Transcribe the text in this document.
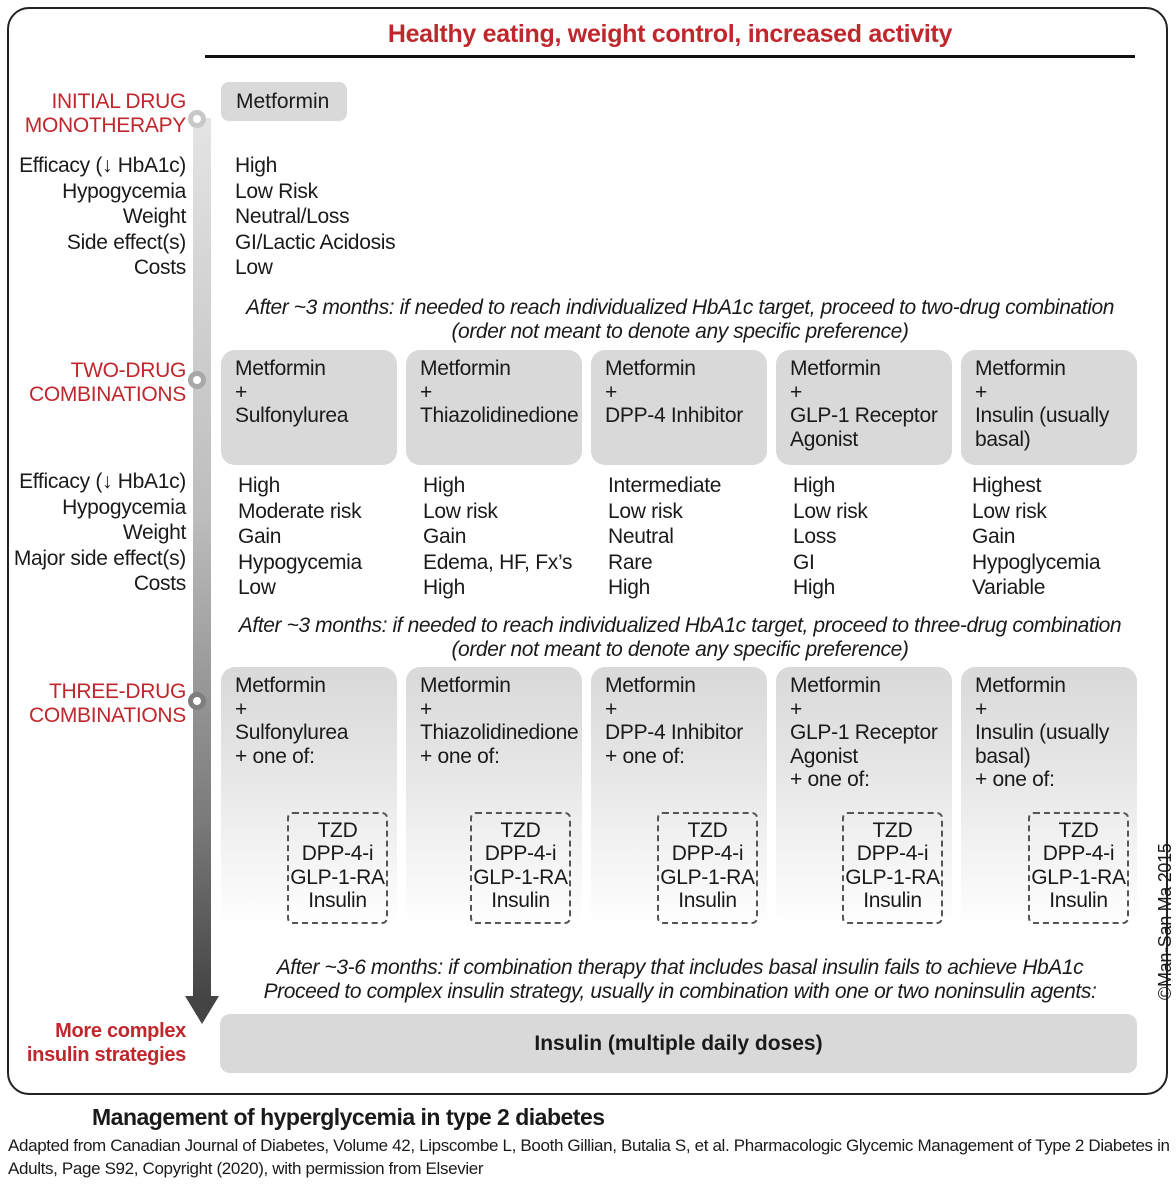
Healthy eating, weight control, increased activity
INITIAL DRUG
MONOTHERAPY
TWO-DRUG
COMBINATIONS
THREE-DRUG
COMBINATIONS
More complex
insulin strategies
Metformin
Efficacy (↓ HbA1c)
Hypogycemia
Weight
Side effect(s)
Costs
High
Low Risk
Neutral/Loss
GI/Lactic Acidosis
Low
After ~3 months: if needed to reach individualized HbA1c target, proceed to two-drug combination
(order not meant to denote any specific preference)
Metformin
+
Sulfonylurea
Metformin
+
Thiazolidinedione
Metformin
+
DPP-4 Inhibitor
Metformin
+
GLP-1 Receptor
Agonist
Metformin
+
Insulin (usually
basal)
Efficacy (↓ HbA1c)
Hypogycemia
Weight
Major side effect(s)
Costs
High
Moderate risk
Gain
Hypogycemia
Low
High
Low risk
Gain
Edema, HF, Fx’s
High
Intermediate
Low risk
Neutral
Rare
High
High
Low risk
Loss
GI
High
Highest
Low risk
Gain
Hypoglycemia
Variable
After ~3 months: if needed to reach individualized HbA1c target, proceed to three-drug combination
(order not meant to denote any specific preference)
Metformin
+
Sulfonylurea
+ one of:
Metformin
+
Thiazolidinedione
+ one of:
Metformin
+
DPP-4 Inhibitor
+ one of:
Metformin
+
GLP-1 Receptor
Agonist
+ one of:
Metformin
+
Insulin (usually
basal)
+ one of:
TZD
DPP-4-i
GLP-1-RA
Insulin
TZD
DPP-4-i
GLP-1-RA
Insulin
TZD
DPP-4-i
GLP-1-RA
Insulin
TZD
DPP-4-i
GLP-1-RA
Insulin
TZD
DPP-4-i
GLP-1-RA
Insulin
After ~3-6 months: if combination therapy that includes basal insulin fails to achieve HbA1c
Proceed to complex insulin strategy, usually in combination with one or two noninsulin agents:
Insulin (multiple daily doses)
©Man-San Ma 2015
Management of hyperglycemia in type 2 diabetes
Adapted from Canadian Journal of Diabetes, Volume 42, Lipscombe L, Booth Gillian, Butalia S, et al. Pharmacologic Glycemic Management of Type 2 Diabetes in Adults, Page S92, Copyright (2020), with permission from Elsevier
